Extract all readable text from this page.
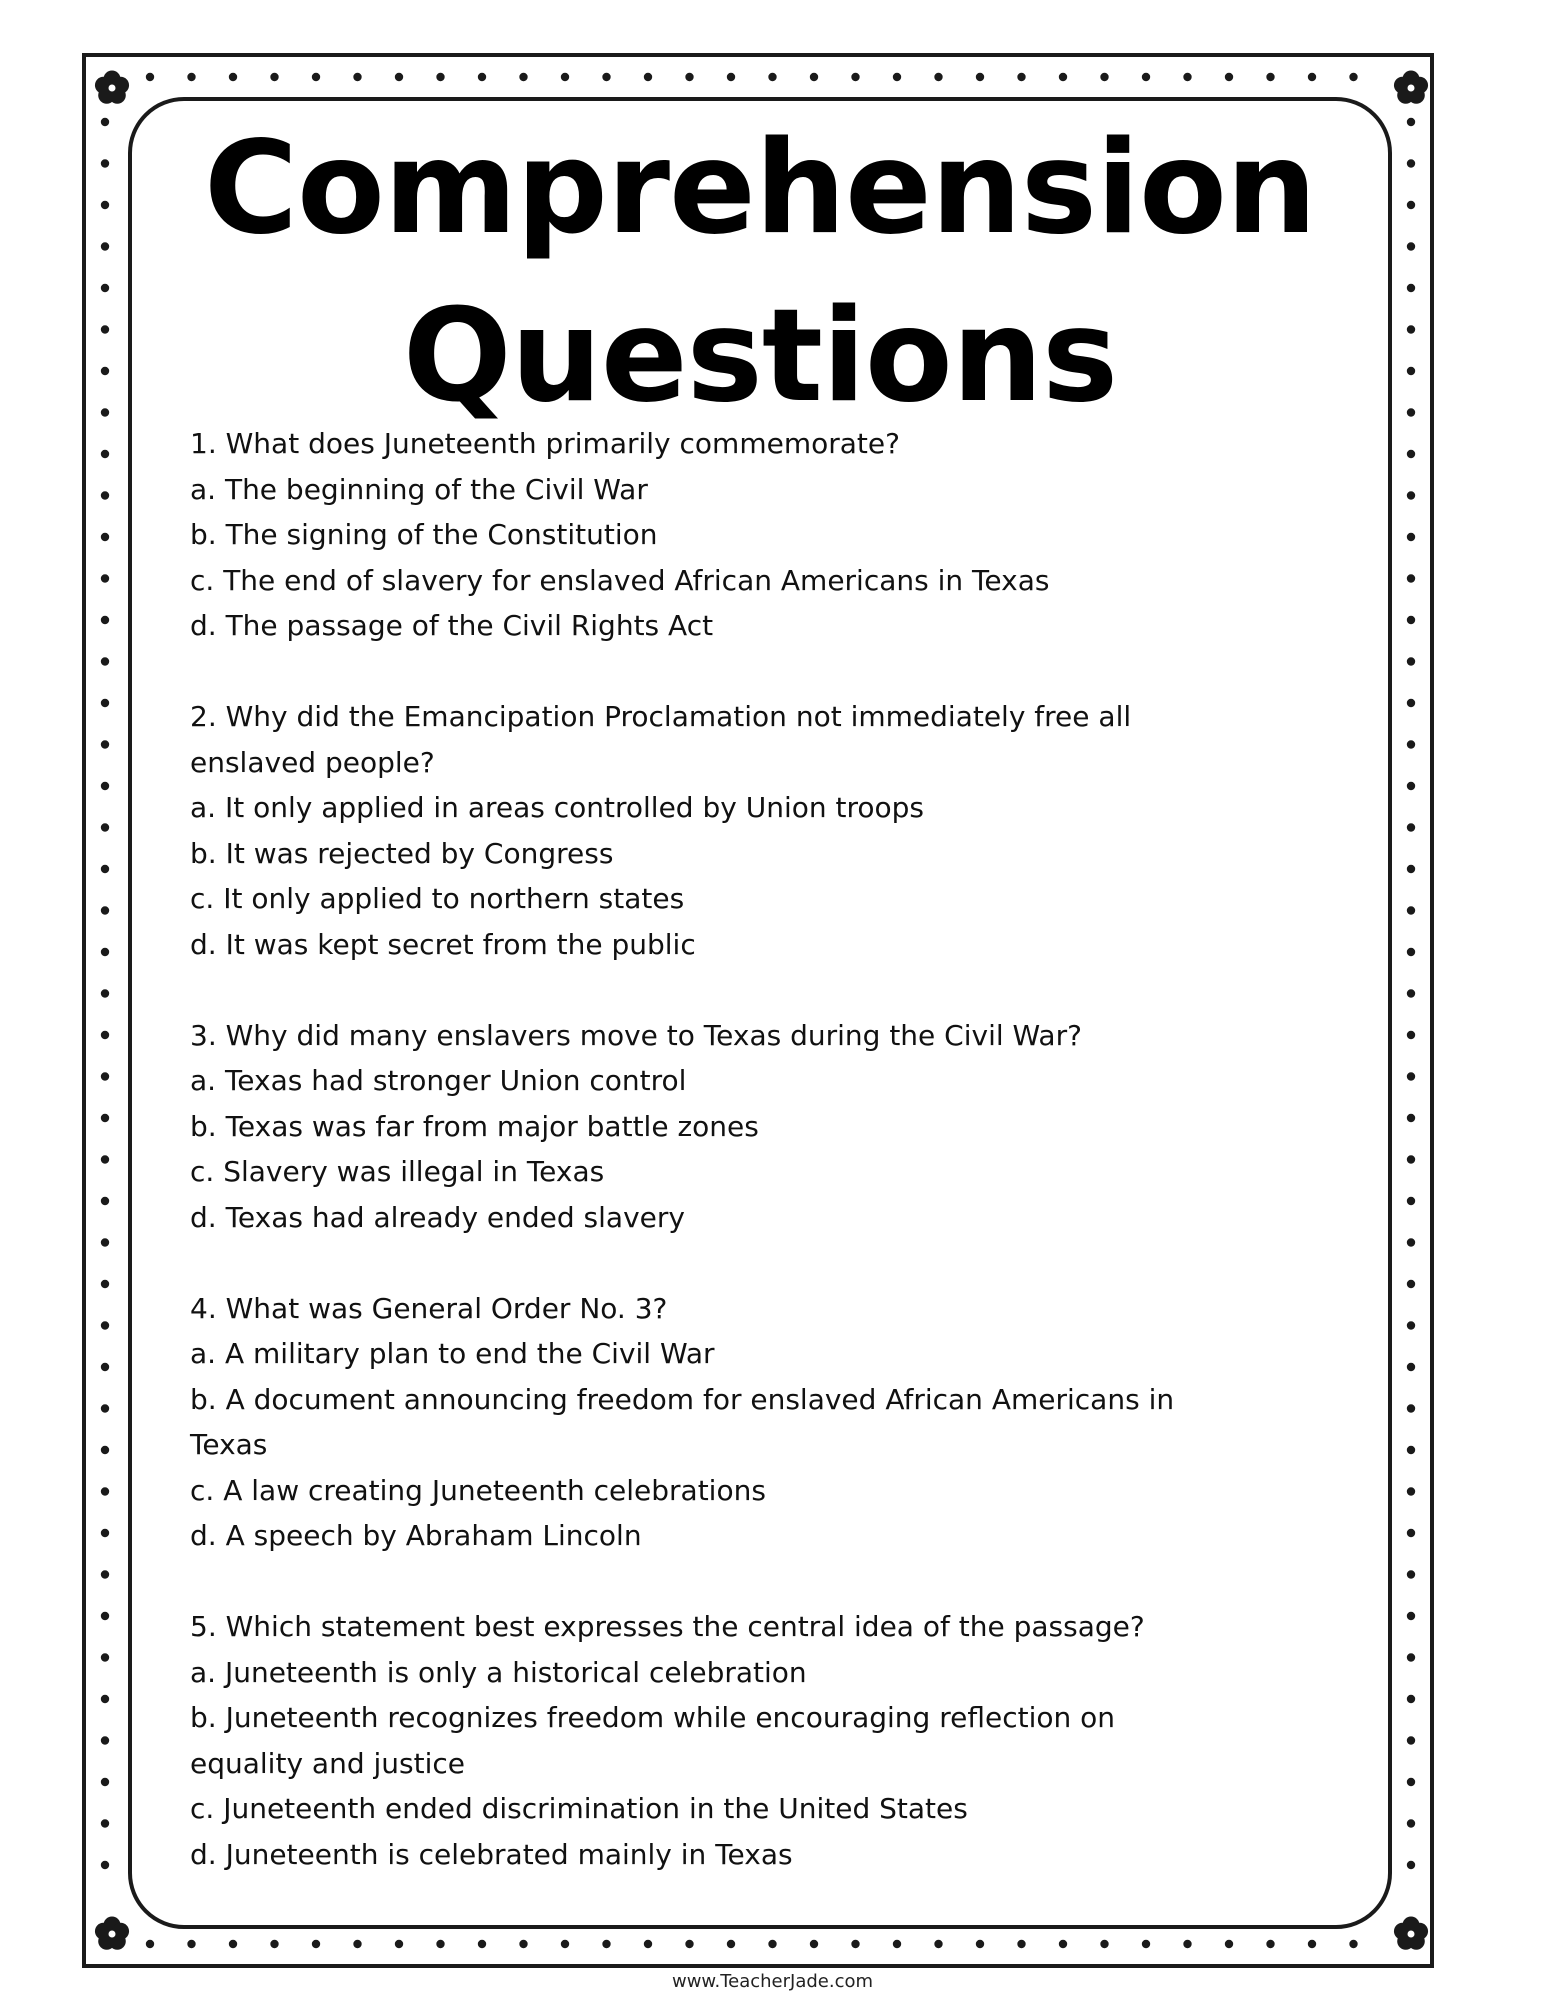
Comprehension
Questions
1. What does Juneteenth primarily commemorate?
a. The beginning of the Civil War
b. The signing of the Constitution
c. The end of slavery for enslaved African Americans in Texas
d. The passage of the Civil Rights Act
2. Why did the Emancipation Proclamation not immediately free all
enslaved people?
a. It only applied in areas controlled by Union troops
b. It was rejected by Congress
c. It only applied to northern states
d. It was kept secret from the public
3. Why did many enslavers move to Texas during the Civil War?
a. Texas had stronger Union control
b. Texas was far from major battle zones
c. Slavery was illegal in Texas
d. Texas had already ended slavery
4. What was General Order No. 3?
a. A military plan to end the Civil War
b. A document announcing freedom for enslaved African Americans in
Texas
c. A law creating Juneteenth celebrations
d. A speech by Abraham Lincoln
5. Which statement best expresses the central idea of the passage?
a. Juneteenth is only a historical celebration
b. Juneteenth recognizes freedom while encouraging reflection on
equality and justice
c. Juneteenth ended discrimination in the United States
d. Juneteenth is celebrated mainly in Texas
www.TeacherJade.com
